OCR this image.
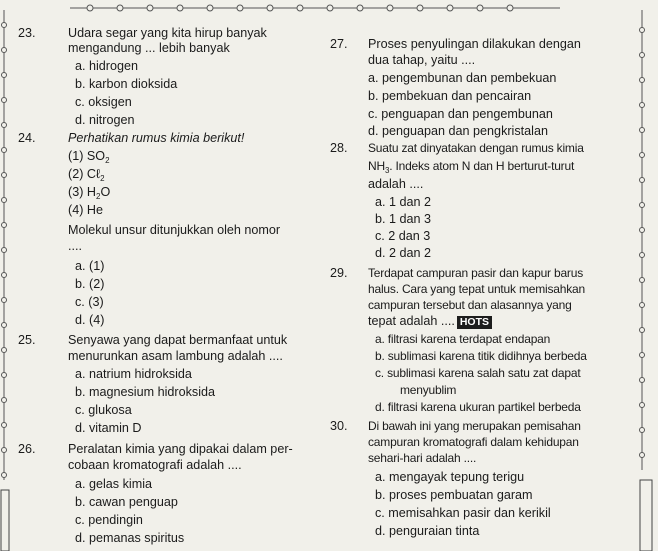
23.	Udara segar yang kita hirup banyak
mengandung ... lebih banyak
a. hidrogen
b. karbon dioksida
c. oksigen
d. nitrogen
24.	Perhatikan rumus kimia berikut!
(1) $SO_2$
(2) Cℓ$_2$
(3) $H_2O$
(4) He
Molekul unsur ditunjukkan oleh nomor
....
a. (1)
b. (2)
c. (3)
d. (4)
25.	Senyawa yang dapat bermanfaat untuk
menurunkan asam lambung adalah ....
a. natrium hidroksida
b. magnesium hidroksida
c. glukosa
d. vitamin D
26.	Peralatan kimia yang dipakai dalam per-
cobaan kromatografi adalah ....
a. gelas kimia
b. cawan penguap
c. pendingin
d. pemanas spiritus
27. Proses penyulingan dilakukan dengan
dua tahap, yaitu ....
a. pengembunan dan pembekuan
b. pembekuan dan pencairan
c. penguapan dan pengembunan
d. penguapan dan pengkristalan
28. Suatu zat dinyatakan dengan rumus kimia
$NH_3$. Indeks atom N dan H berturut-turut
adalah ....
a. 1 dan 2
b. 1 dan 3
c. 2 dan 3
d. 2 dan 2
29. Terdapat campuran pasir dan kapur barus
halus. Cara yang tepat untuk memisahkan
campuran tersebut dan alasannya yang
tepat adalah .... HOTS
a. filtrasi karena terdapat endapan
b. sublimasi karena titik didihnya berbeda
c. sublimasi karena salah satu zat dapat
menyublim
d. filtrasi karena ukuran partikel berbeda
30. Di bawah ini yang merupakan pemisahan
campuran kromatografi dalam kehidupan
sehari-hari adalah ....
a. mengayak tepung terigu
b. proses pembuatan garam
c. memisahkan pasir dan kerikil
d. penguraian tinta
